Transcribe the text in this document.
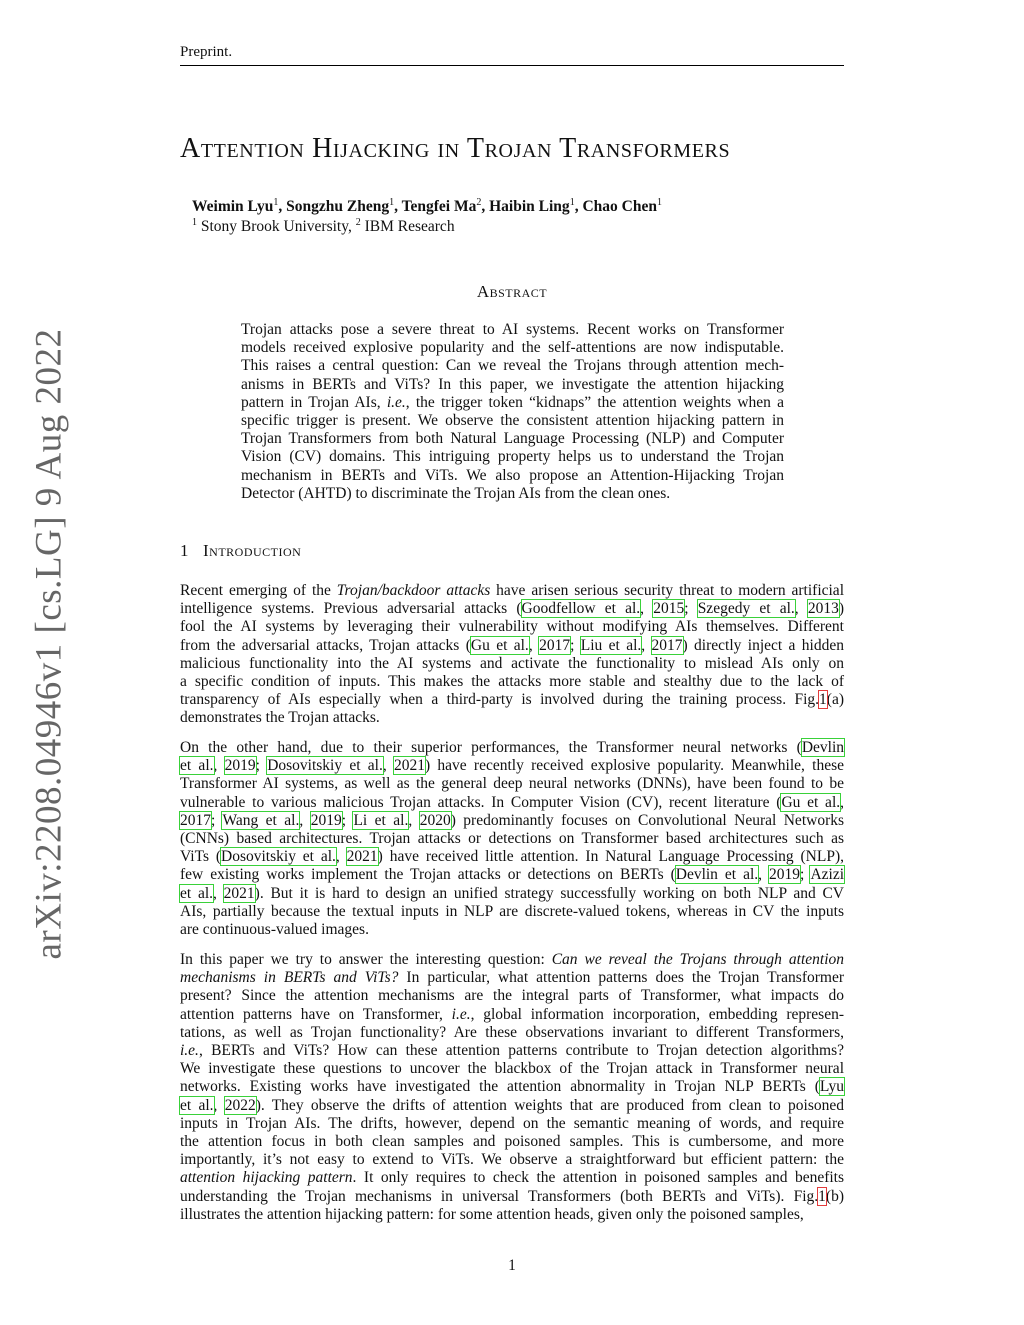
Preprint.
arXiv:2208.04946v1 [cs.LG] 9 Aug 2022
Attention Hijacking in Trojan Transformers
Weimin Lyu$^1$, Songzhu Zheng$^1$, Tengfei Ma$^2$, Haibin Ling$^1$, Chao Chen$^1$
$^1$ Stony Brook University, $^2$ IBM Research
Abstract
Trojan attacks pose a severe threat to AI systems. Recent works on Transformer
models received explosive popularity and the self-attentions are now indisputable.
This raises a central question: Can we reveal the Trojans through attention mech-
anisms in BERTs and ViTs? In this paper, we investigate the attention hijacking
pattern in Trojan AIs, i.e., the trigger token “kidnaps” the attention weights when a
specific trigger is present. We observe the consistent attention hijacking pattern in
Trojan Transformers from both Natural Language Processing (NLP) and Computer
Vision (CV) domains. This intriguing property helps us to understand the Trojan
mechanism in BERTs and ViTs. We also propose an Attention-Hijacking Trojan
Detector (AHTD) to discriminate the Trojan AIs from the clean ones.
1 Introduction
Recent emerging of the Trojan/backdoor attacks have arisen serious security threat to modern artificial
intelligence systems. Previous adversarial attacks (Goodfellow et al., 2015; Szegedy et al., 2013)
fool the AI systems by leveraging their vulnerability without modifying AIs themselves. Different
from the adversarial attacks, Trojan attacks (Gu et al., 2017; Liu et al., 2017) directly inject a hidden
malicious functionality into the AI systems and activate the functionality to mislead AIs only on
a specific condition of inputs. This makes the attacks more stable and stealthy due to the lack of
transparency of AIs especially when a third-party is involved during the training process. Fig.1(a)
demonstrates the Trojan attacks.
On the other hand, due to their superior performances, the Transformer neural networks (Devlin
et al., 2019; Dosovitskiy et al., 2021) have recently received explosive popularity. Meanwhile, these
Transformer AI systems, as well as the general deep neural networks (DNNs), have been found to be
vulnerable to various malicious Trojan attacks. In Computer Vision (CV), recent literature (Gu et al.,
2017; Wang et al., 2019; Li et al., 2020) predominantly focuses on Convolutional Neural Networks
(CNNs) based architectures. Trojan attacks or detections on Transformer based architectures such as
ViTs (Dosovitskiy et al., 2021) have received little attention. In Natural Language Processing (NLP),
few existing works implement the Trojan attacks or detections on BERTs (Devlin et al., 2019; Azizi
et al., 2021). But it is hard to design an unified strategy successfully working on both NLP and CV
AIs, partially because the textual inputs in NLP are discrete-valued tokens, whereas in CV the inputs
are continuous-valued images.
In this paper we try to answer the interesting question: Can we reveal the Trojans through attention
mechanisms in BERTs and ViTs? In particular, what attention patterns does the Trojan Transformer
present? Since the attention mechanisms are the integral parts of Transformer, what impacts do
attention patterns have on Transformer, i.e., global information incorporation, embedding represen-
tations, as well as Trojan functionality? Are these observations invariant to different Transformers,
i.e., BERTs and ViTs? How can these attention patterns contribute to Trojan detection algorithms?
We investigate these questions to uncover the blackbox of the Trojan attack in Transformer neural
networks. Existing works have investigated the attention abnormality in Trojan NLP BERTs (Lyu
et al., 2022). They observe the drifts of attention weights that are produced from clean to poisoned
inputs in Trojan AIs. The drifts, however, depend on the semantic meaning of words, and require
the attention focus in both clean samples and poisoned samples. This is cumbersome, and more
importantly, it’s not easy to extend to ViTs. We observe a straightforward but efficient pattern: the
attention hijacking pattern. It only requires to check the attention in poisoned samples and benefits
understanding the Trojan mechanisms in universal Transformers (both BERTs and ViTs). Fig.1(b)
illustrates the attention hijacking pattern: for some attention heads, given only the poisoned samples,
1
